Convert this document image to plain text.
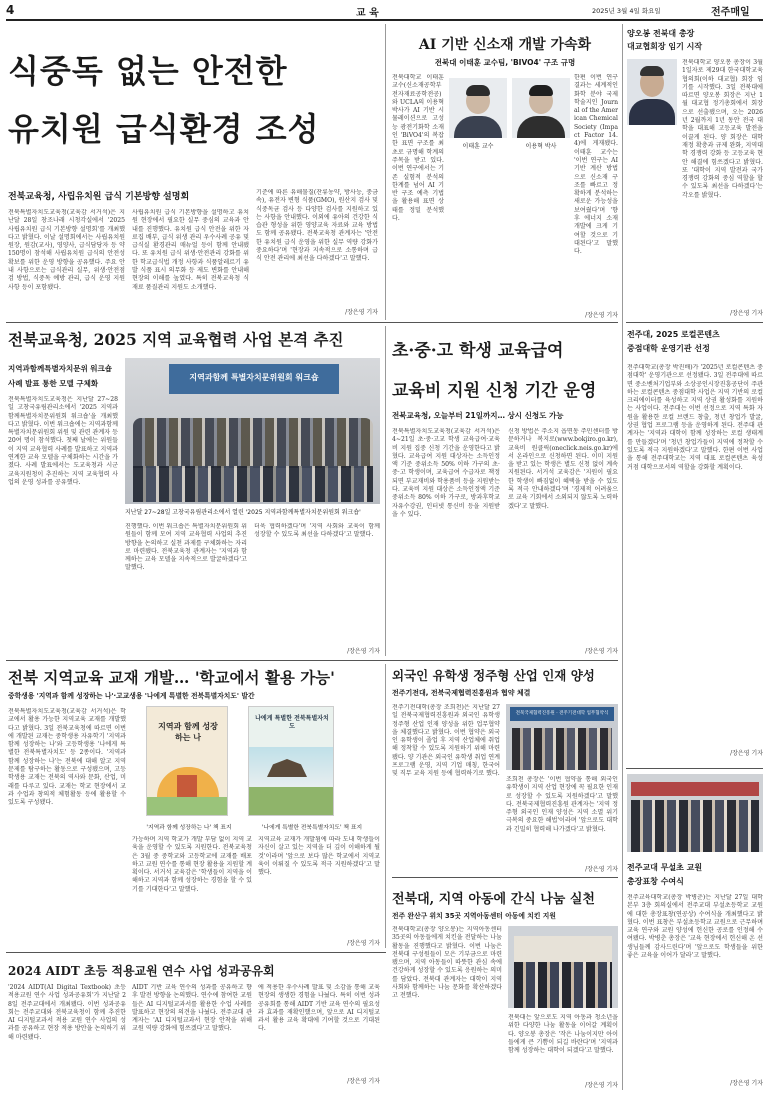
4	교 육	2025년 3월 4일 화요일	전주매일
식중독 없는 안전한
유치원 급식환경 조성
전북교육청, 사립유치원 급식 기본방향 설명회
전북특별자치도교육청(교육감 서거석)은 지난달 28일 창조나래 시청각실에서 '2025 사립유치원 급식 기본방향 설명회'를 개최했다고 밝혔다. 이날 설명회에서는 사립유치원 원장, 원감(교사), 영양사, 급식담당자 등 약 150명이 참석해 사립유치원 급식의 안전성 확보를 위한 운영 방향을 공유했다. 주요 안내 사항으로는 급식관리 실무, 위생·안전점검 방법, 식중독 예방 관리, 급식 운영 지원 사항 등이 포함됐다.
사립유치원 급식 기본방향을 설명하고 유치원 현장에서 필요한 실무 중심의 교육과 안내를 진행했다. 유치원 급식 안전을 위한 자료집 배부, 급식 위생 관리 우수사례 공유 및 급식실 환경관리 매뉴얼 등이 함께 안내됐다. 또 유치원 급식 위생·안전관리 강화를 위한 학교급식법 개정 사항과 식품알레르기 유발 식품 표시 의무화 등 제도 변화를 안내해 현장의 이해를 높였다. 특히 전북교육청 식재료 품질관리 지원도 소개했다.
기준에 따른 유해물질(잔류농약, 방사능, 중금속), 유전자 변형 식품(GMO), 원산지 검사 및 식중독균 검사 등 다양한 검사를 지원하고 있는 사항을 안내했다. 이외에 유아의 건강한 식습관 형성을 위한 영양교육 자료와 교육 방법도 함께 공유됐다. 전북교육청 관계자는 '안전한 유치원 급식 운영을 위한 실무 역량 강화가 중요하다'며 '현장과 지속적으로 소통하며 급식 안전 관리에 최선을 다하겠다'고 말했다.
/장은영 기자
AI 기반 신소재 개발 가속화
전북대 이태훈 교수팀, 'BIVO4' 구조 규명
전북대학교 이태훈 교수(신소재공학부 전자재료공학전공)와 UCLA의 이용혁 박사가 AI 기반 시뮬레이션으로 고성능 광전기화학 소재인 'BiVO4'의 복잡한 표면 구조를 최초로 규명해 학계의 주목을 받고 있다. 이번 연구에서는 기존 실험적 분석의 한계를 넘어 AI 기반 구조 예측 기법을 활용해 표면 상태를 정밀 분석했다.
이태훈 교수	이용혁 박사
한편 이번 연구 결과는 세계적인 화학 분야 국제 학술지인 Journal of the American Chemical Society (Impact Factor 14.4)에 게재됐다. 이태훈 교수는 '이번 연구는 AI 기반 계산 방법으로 신소재 구조를 빠르고 정확하게 분석하는 새로운 가능성을 보여줬다'며 '향후 에너지 소재 개발에 크게 기여할 것으로 기대된다'고 말했다.
/장은영 기자
양오봉 전북대 총장
대교협회장 임기 시작
전북대학교 양오봉 총장이 3월 1일자로 제29대 한국대학교육협의회(이하 대교협) 회장 임기를 시작했다. 3일 전북대에 따르면 양오봉 회장은 지난 1월 대교협 정기총회에서 회장으로 선출됐으며, 오는 2026년 2월까지 1년 동안 전국 대학을 대표해 고등교육 발전을 이끌게 된다. 양 회장은 대학 재정 확충과 규제 완화, 지역대학 경쟁력 강화 등 고등교육 현안 해결에 힘쓰겠다고 밝혔다. 또 '대학이 지역 발전과 국가 경쟁력 강화의 중심 역할을 할 수 있도록 최선을 다하겠다'는 각오를 밝혔다.
/장은영 기자
전북교육청, 2025 지역 교육협력 사업 본격 추진
지역과함께특별자치문위 워크숍
사례 발표 통한 모델 구체화
전북특별자치도교육청은 지난달 27~28일 고창국유림관리소에서 '2025 지역과함께특별자치문위원회 워크숍'을 개최했다고 밝혔다. 이번 워크숍에는 지역과함께특별자치문위원회 위원 및 관련 관계자 등 20여 명이 참석했다. 첫째 날에는 위원들이 지역 교육협력 사례를 발표하고 지역과 연계한 교육 모델을 구체화하는 시간을 가졌다. 사례 발표에서는 도교육청과 시군 교육지원청이 추진하는 지역 교육협력 사업의 운영 성과를 공유했다.
지역과함께 특별자치문위원회 워크숍
지난달 27~28일 고창국유림관리소에서 열린 '2025 지역과함께특별자치문위원회 워크숍'
진행했다. 이번 워크숍은 특별자치문위원회 위원들이 함께 모여 지역 교육협력 사업의 추진 방향을 논의하고 실천 과제를 구체화하는 자리로 마련됐다. 전북교육청 관계자는 '지역과 함께하는 교육 모델을 지속적으로 발굴하겠다'고 말했다.
더욱 협력하겠다'며 '지역 사회와 교육이 함께 성장할 수 있도록 최선을 다하겠다'고 말했다.
/장은영 기자
초·중·고 학생 교육급여
교육비 지원 신청 기간 운영
전북교육청, 오늘부터 21일까지… 상시 신청도 가능
전북특별자치도교육청(교육감 서거석)은 4~21일 초·중·고교 학생 교육급여·교육비 지원 집중 신청 기간을 운영한다고 밝혔다. 교육급여 지원 대상자는 소득인정액 기준 중위소득 50% 이하 가구의 초·중·고 학생이며, 교육급여 수급자로 책정되면 부교재비와 학용품비 등을 지원받는다. 교육비 지원 대상은 소득인정액 기준 중위소득 80% 이하 가구로, 방과후학교 자유수강권, 인터넷 통신비 등을 지원받을 수 있다.
신청 방법은 주소지 읍면동 주민센터를 방문하거나 복지로(www.bokjiro.go.kr), 교육비 원클릭(oneclick.neis.go.kr)에서 온라인으로 신청하면 된다. 이미 지원을 받고 있는 학생은 별도 신청 없이 계속 지원된다. 서거석 교육감은 '지원이 필요한 학생이 빠짐없이 혜택을 받을 수 있도록 적극 안내하겠다'며 '경제적 어려움으로 교육 기회에서 소외되지 않도록 노력하겠다'고 말했다.
/장은영 기자
전주대, 2025 로컬콘텐츠
중점대학 운영기관 선정
전주대학교(총장 박진배)가 '2025년 로컬콘텐츠 중점대학' 운영기관으로 선정됐다. 3일 전주대에 따르면 중소벤처기업부와 소상공인시장진흥공단이 주관하는 로컬콘텐츠 중점대학 사업은 지역 기반의 로컬크리에이터를 육성하고 지역 상권 활성화를 지원하는 사업이다. 전주대는 이번 선정으로 지역 특화 자원을 활용한 로컬 브랜드 창출, 청년 창업가 발굴, 상권 협업 프로그램 등을 운영하게 된다. 전주대 관계자는 '지역과 대학이 함께 성장하는 로컬 생태계를 만들겠다'며 '청년 창업가들이 지역에 정착할 수 있도록 적극 지원하겠다'고 말했다. 한편 이번 사업을 통해 전주대학교는 지역 대표 로컬콘텐츠 육성 거점 대학으로서의 역할을 강화할 계획이다.
/장은영 기자
전북 지역교육 교재 개발… '학교에서 활용 가능'
중학생용 '지역과 함께 성장하는 나'·고교생용 '나에게 특별한 전북특별자치도' 발간
전북특별자치도교육청(교육감 서거석)은 학교에서 활용 가능한 지역교육 교재를 개발했다고 밝혔다. 3일 전북교육청에 따르면 이번에 개발된 교재는 중학생용 자유학기 '지역과 함께 성장하는 나'와 고등학생용 '나에게 특별한 전북특별자치도' 등 2종이다. '지역과 함께 성장하는 나'는 전북에 대해 알고 지역 문제를 탐구하는 활동으로 구성됐으며, 고등학생용 교재는 전북의 역사와 문화, 산업, 미래를 다루고 있다. 교재는 학교 현장에서 교과 수업과 창의적 체험활동 등에 활용할 수 있도록 구성됐다.
지역과 함께 성장하는 나
나에게 특별한 전북특별자치도
'지역과 함께 성장하는 나' 책 표지	'나에게 특별한 전북특별자치도' 책 표지
가능하며 지역 학교가 개발 부담 없이 지역 교육을 운영할 수 있도록 지원한다. 전북교육청은 3월 중 중학교와 고등학교에 교재를 배포하고 교원 연수를 통해 현장 활용을 지원할 계획이다. 서거석 교육감은 '학생들이 지역을 이해하고 지역과 함께 성장하는 경험을 할 수 있기를 기대한다'고 말했다.
지역교육 교재가 개발됨에 따라 도내 학생들이 자신이 살고 있는 지역을 더 깊이 이해하게 될 것'이라며 '앞으로 보다 많은 학교에서 지역교육이 이뤄질 수 있도록 적극 지원하겠다'고 말했다.
/장은영 기자
외국인 유학생 정주형 산업 인재 양성
전주기전대, 전북국제협력진흥원과 협약 체결
전주기전대학(총장 조희천)은 지난달 27일 전북국제협력진흥원과 외국인 유학생 정주형 산업 인재 양성을 위한 업무협약을 체결했다고 밝혔다. 이번 협약은 외국인 유학생이 졸업 후 지역 산업체에 취업해 정착할 수 있도록 지원하기 위해 마련됐다. 양 기관은 외국인 유학생 취업 연계 프로그램 운영, 지역 기업 매칭, 한국어 및 직무 교육 지원 등에 협력하기로 했다.
전북국제협력진흥원 · 전주기전대학 업무협약식
조희천 총장은 '이번 협약을 통해 외국인 유학생이 지역 산업 현장에 꼭 필요한 인재로 성장할 수 있도록 지원하겠다'고 말했다. 전북국제협력진흥원 관계자는 '지역 정주형 외국인 인재 양성은 지역 소멸 위기 극복의 중요한 해법'이라며 '앞으로도 대학과 긴밀히 협력해 나가겠다'고 밝혔다.
/장은영 기자
전북대, 지역 아동에 간식 나눔 실천
전주 완산구 위치 35곳 지역아동센터 아동에 치킨 지원
전북대학교(총장 양오봉)는 지역아동센터 35곳의 아동들에게 치킨을 전달하는 나눔 활동을 진행했다고 밝혔다. 이번 나눔은 전북대 구성원들이 모은 기부금으로 마련됐으며, 지역 아동들이 따뜻한 관심 속에 건강하게 성장할 수 있도록 응원하는 의미를 담았다. 전북대 관계자는 대학이 지역사회와 함께하는 나눔 문화를 확산하겠다고 전했다.
전북대는 앞으로도 지역 아동과 청소년을 위한 다양한 나눔 활동을 이어갈 계획이다. 양오봉 총장은 '작은 나눔이지만 아이들에게 큰 기쁨이 되길 바란다'며 '지역과 함께 성장하는 대학이 되겠다'고 말했다.
/장은영 기자
전주교대 무설초 교원
총장표창 수여식
전주교육대학교(총장 박병춘)는 지난달 27일 대학 본부 3층 회의실에서 전주교대 부설초등학교 교원에 대한 총장표창(연공상) 수여식을 개최했다고 밝혔다. 이번 표창은 부설초등학교 교원으로 근무하며 교육 연구와 교원 양성에 헌신한 공로를 인정해 수여됐다. 박병춘 총장은 '교육 현장에서 헌신해 온 선생님들께 감사드린다'며 '앞으로도 학생들을 위한 좋은 교육을 이어가 달라'고 말했다.
/장은영 기자
2024 AIDT 초등 적용교원 연수 사업 성과공유회
'2024 AIDT(AI Digital Textbook) 초등 적용교원 연수 사업 성과공유회'가 지난달 28일 전주교대에서 개최됐다. 이번 성과공유회는 전주교대와 전북교육청이 함께 추진한 AI 디지털교과서 적용 교원 연수 사업의 성과를 공유하고 현장 적용 방안을 논의하기 위해 마련됐다.
AIDT 기반 교육 연수의 성과를 공유하고 향후 발전 방향을 논의했다. 연수에 참여한 교원들은 AI 디지털교과서를 활용한 수업 사례를 발표하고 현장의 의견을 나눴다. 전주교대 관계자는 'AI 디지털교과서 현장 안착을 위해 교원 역량 강화에 힘쓰겠다'고 말했다.
에 적용한 우수사례 발표 및 소감을 통해 교육 현장의 생생한 경험을 나눴다. 특히 이번 성과공유회를 통해 AIDT 기반 교육 연수의 필요성과 효과를 재확인했으며, 앞으로 AI 디지털교과서 활용 교육 확대에 기여할 것으로 기대된다.
/장은영 기자
